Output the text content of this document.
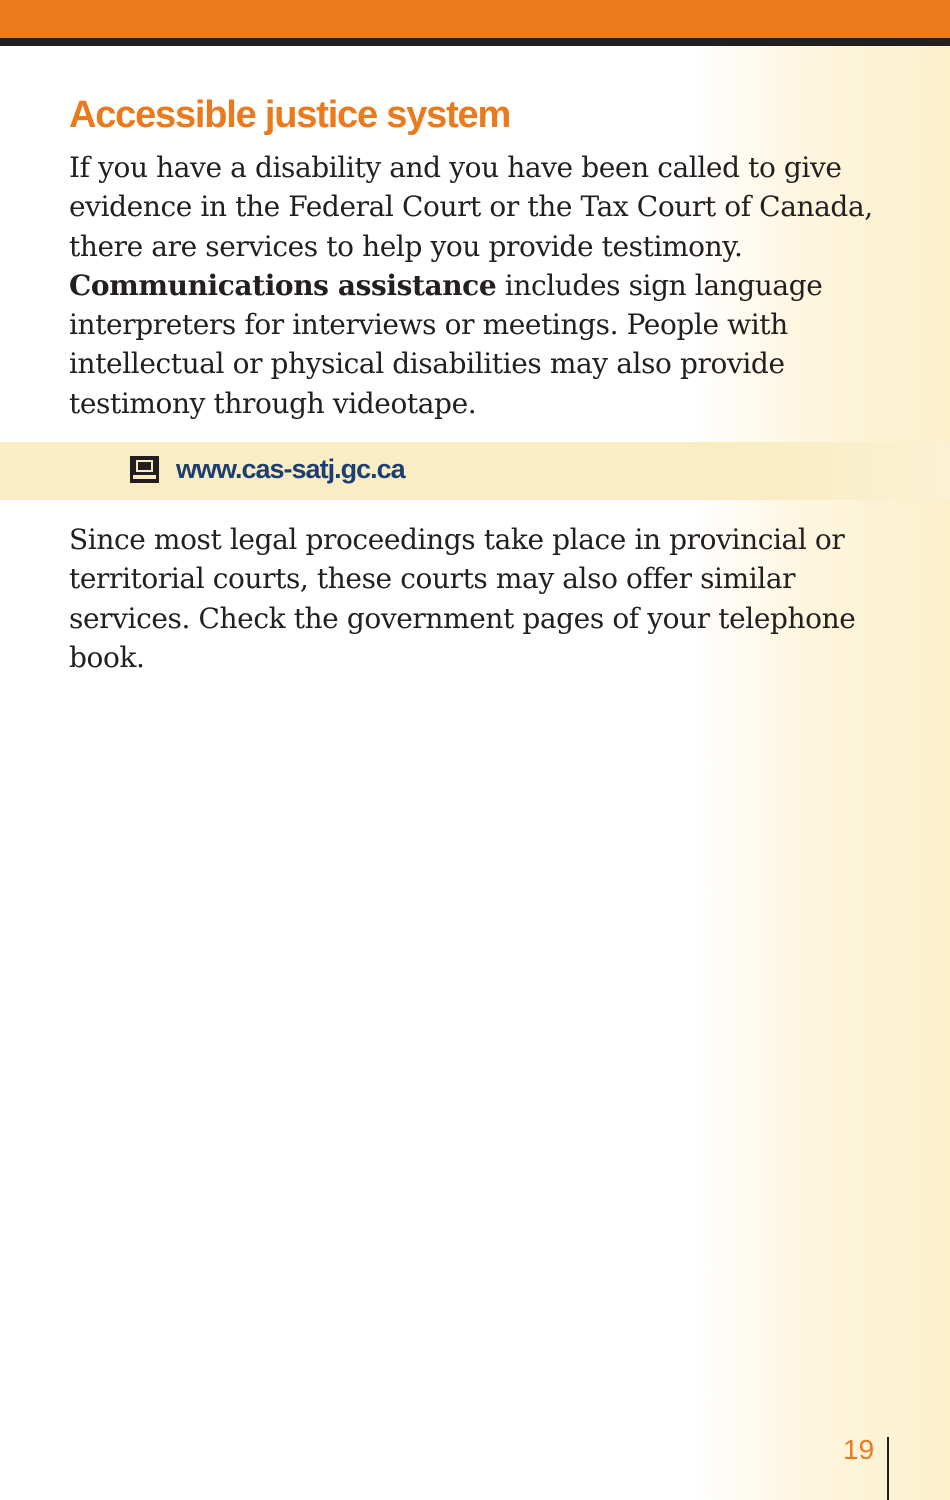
Accessible justice system

If you have a disability and you have been called to give evidence in the Federal Court or the Tax Court of Canada, there are services to help you provide testimony. Communications assistance includes sign language interpreters for interviews or meetings. People with intellectual or physical disabilities may also provide testimony through videotape.

www.cas-satj.gc.ca

Since most legal proceedings take place in provincial or territorial courts, these courts may also offer similar services. Check the government pages of your telephone book.

19
